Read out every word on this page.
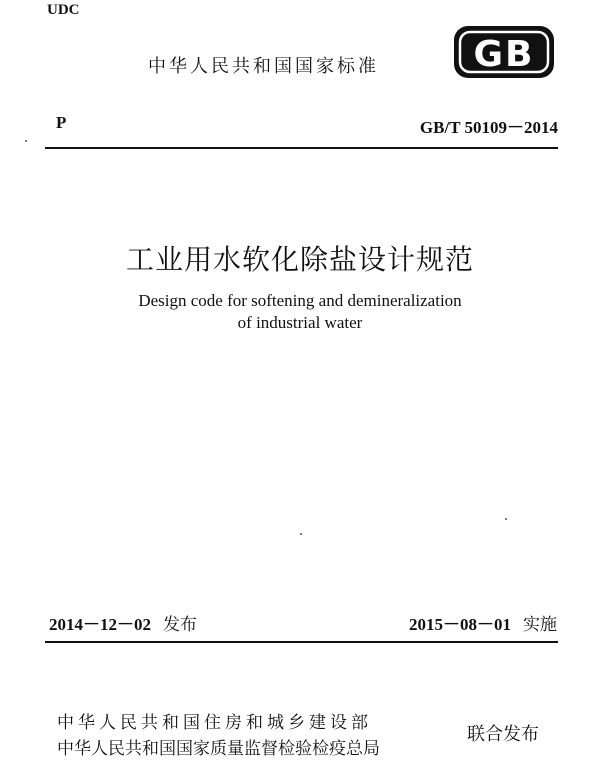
UDC
中华人民共和国国家标准	GB
P	GB/T 50109－2014
工业用水软化除盐设计规范
Design code for softening and demineralization
of industrial water
2014－12－02 发布	2015－08－01 实施
中华人民共和国住房和城乡建设部
中华人民共和国国家质量监督检验检疫总局
联合发布
